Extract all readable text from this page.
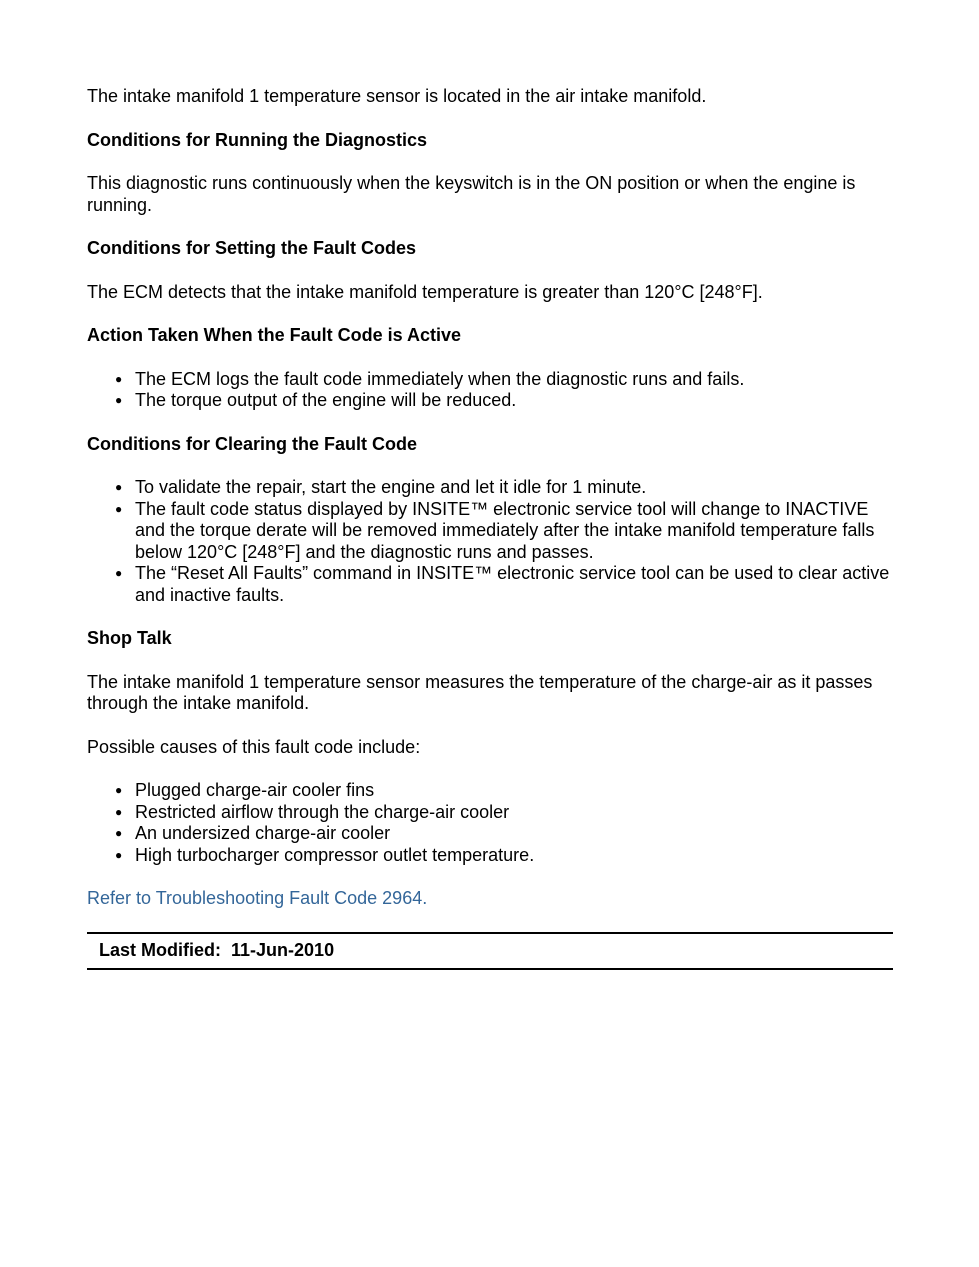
The intake manifold 1 temperature sensor is located in the air intake manifold.

Conditions for Running the Diagnostics

This diagnostic runs continuously when the keyswitch is in the ON position or when the engine is running.

Conditions for Setting the Fault Codes

The ECM detects that the intake manifold temperature is greater than 120°C [248°F].

Action Taken When the Fault Code is Active
● The ECM logs the fault code immediately when the diagnostic runs and fails.
● The torque output of the engine will be reduced.
Conditions for Clearing the Fault Code
● To validate the repair, start the engine and let it idle for 1 minute.
● The fault code status displayed by INSITE™ electronic service tool will change to INACTIVE and the torque derate will be removed immediately after the intake manifold temperature falls below 120°C [248°F] and the diagnostic runs and passes.
● The “Reset All Faults” command in INSITE™ electronic service tool can be used to clear active and inactive faults.
Shop Talk

The intake manifold 1 temperature sensor measures the temperature of the charge-air as it passes through the intake manifold.

Possible causes of this fault code include:

● Plugged charge-air cooler fins
● Restricted airflow through the charge-air cooler
● An undersized charge-air cooler
● High turbocharger compressor outlet temperature.

Refer to Troubleshooting Fault Code 2964.

Last Modified: 11-Jun-2010
